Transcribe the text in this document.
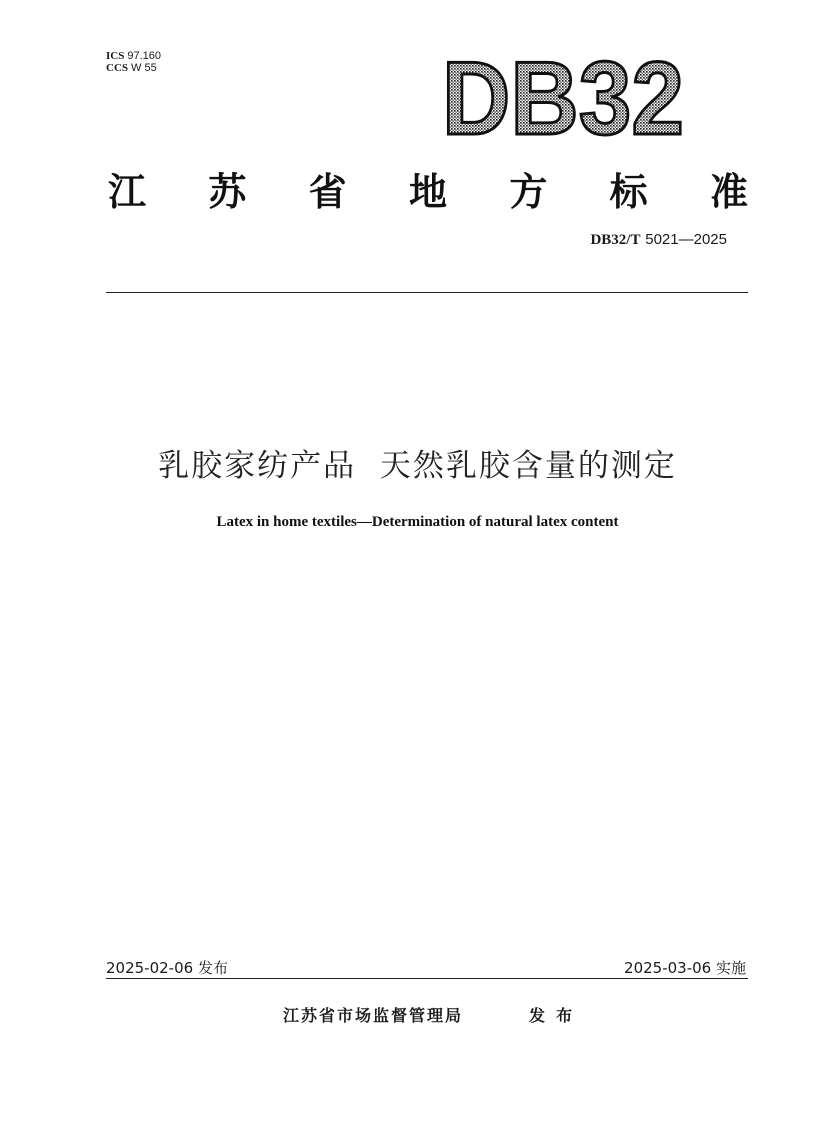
ICS 97.160
CCS W 55	DB32
江 苏 省 地 方 标 准
DB32/T 5021—2025
乳胶家纺产品  天然乳胶含量的测定
Latex in home textiles—Determination of natural latex content
2025-02-06 发布	2025-03-06 实施
江苏省市场监督管理局	发  布
